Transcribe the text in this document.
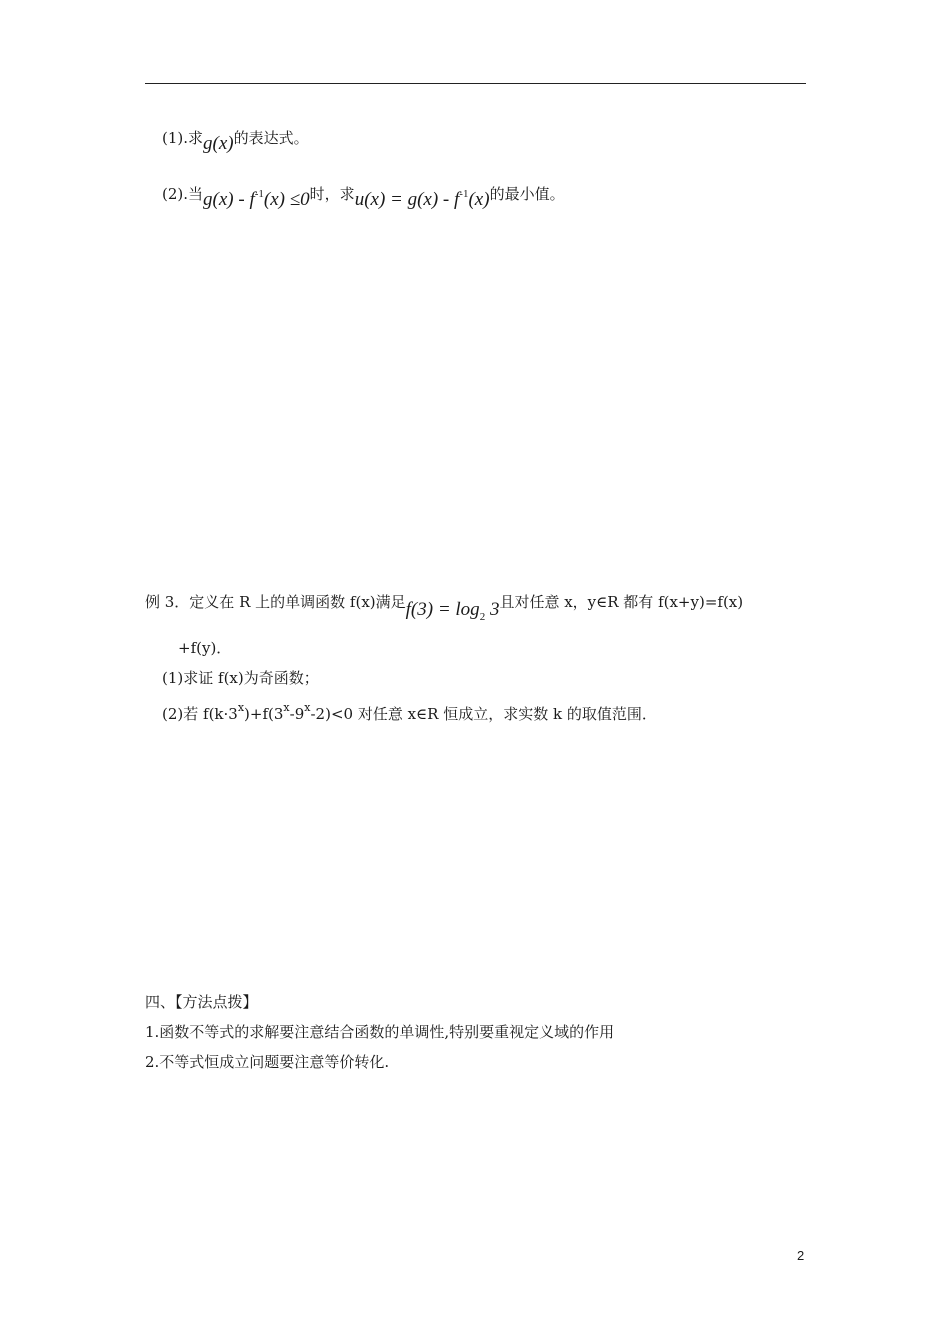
(1).求g(x)的表达式。
(2).当$g(x) - f^{-1}(x) \le 0$时，求$u(x) = g(x) - f^{-1}(x)$的最小值。
例 3．定义在 R 上的单调函数 f(x)满足$f(3) = \log_2 3$且对任意 x，y∈R 都有 f(x+y)=f(x)
+f(y)．
(1)求证 f(x)为奇函数；
(2)若 $f(k\cdot 3^x)+f(3^x-9^x-2)<0$ 对任意 x∈R 恒成立，求实数 k 的取值范围．
四、【方法点拨】
1.函数不等式的求解要注意结合函数的单调性,特别要重视定义域的作用
2.不等式恒成立问题要注意等价转化.
2
